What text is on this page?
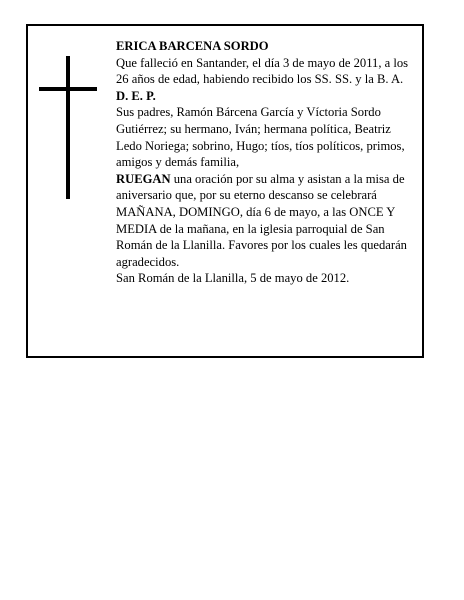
ERICA BARCENA SORDO

Que falleció en Santander, el día 3 de mayo de 2011, a los 26 años de edad, habiendo recibido los SS. SS. y la B. A.

D. E. P.

Sus padres, Ramón Bárcena García y Víctoria Sordo Gutiérrez; su hermano, Iván; hermana política, Beatriz Ledo Noriega; sobrino, Hugo; tíos, tíos políticos, primos, amigos y demás familia,

RUEGAN una oración por su alma y asistan a la misa de aniversario que, por su eterno descanso se celebrará MAÑANA, DOMINGO, día 6 de mayo, a las ONCE Y MEDIA de la mañana, en la iglesia parroquial de San Román de la Llanilla. Favores por los cuales les quedarán agradecidos.

San Román de la Llanilla, 5 de mayo de 2012.
